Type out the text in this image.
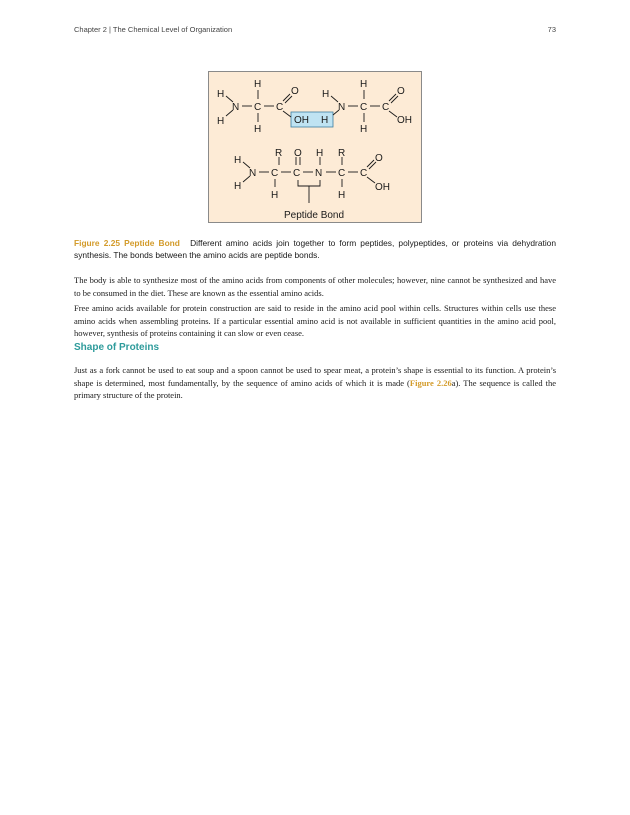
Chapter 2 | The Chemical Level of Organization	73
H
H
N C
H
H
C
O
OH H
H
N C
H
H
C
O
OH
H
H
N C
R
H
C
O
N
H
C
R
H
C
O
OH
Peptide Bond
Figure 2.25 Peptide Bond Different amino acids join together to form peptides, polypeptides, or proteins via dehydration synthesis. The bonds between the amino acids are peptide bonds.
The body is able to synthesize most of the amino acids from components of other molecules; however, nine cannot be synthesized and have to be consumed in the diet. These are known as the essential amino acids.
Free amino acids available for protein construction are said to reside in the amino acid pool within cells. Structures within cells use these amino acids when assembling proteins. If a particular essential amino acid is not available in sufficient quantities in the amino acid pool, however, synthesis of proteins containing it can slow or even cease.
Shape of Proteins
Just as a fork cannot be used to eat soup and a spoon cannot be used to spear meat, a protein’s shape is essential to its function. A protein’s shape is determined, most fundamentally, by the sequence of amino acids of which it is made (Figure 2.26a). The sequence is called the primary structure of the protein.
